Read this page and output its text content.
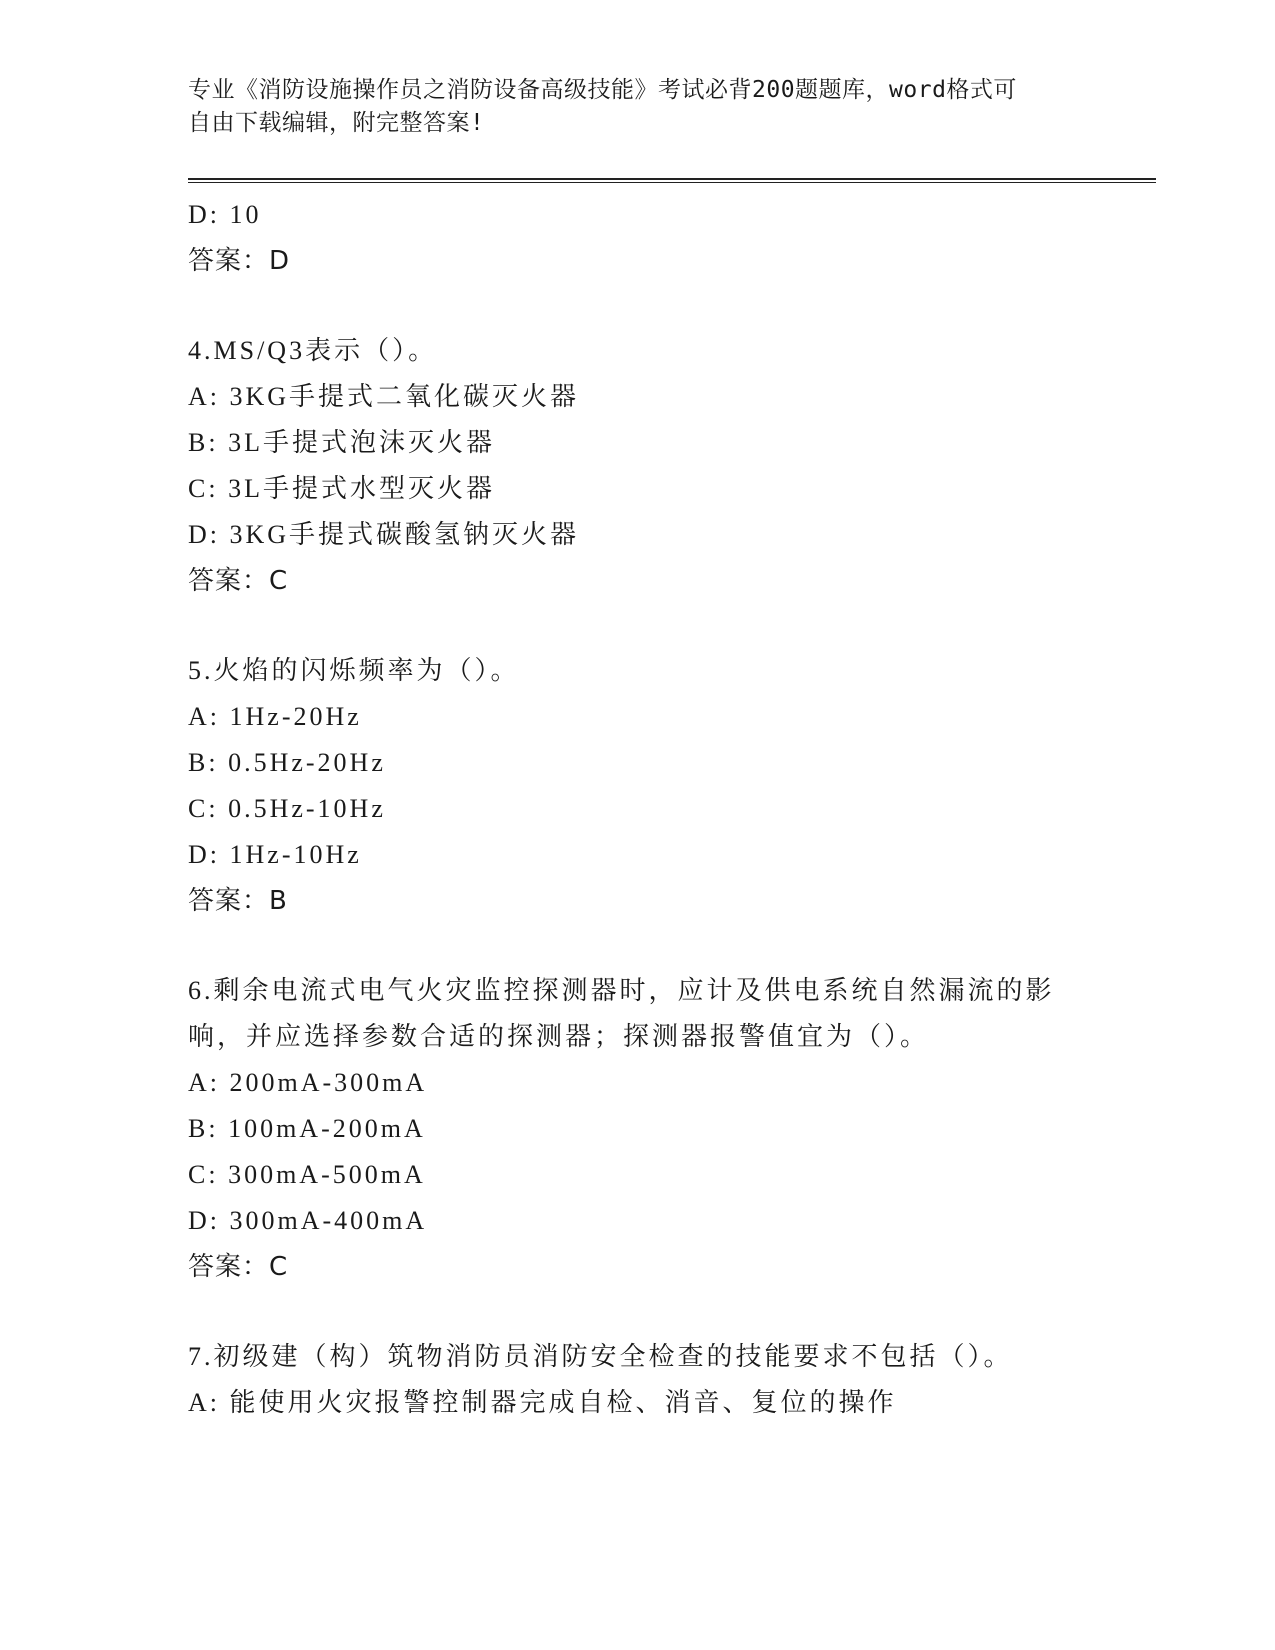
专业《消防设施操作员之消防设备高级技能》考试必背200题题库，word格式可
自由下载编辑，附完整答案!
D: 10
答案：D
4.MS/Q3表示（）。
A: 3KG手提式二氧化碳灭火器
B: 3L手提式泡沫灭火器
C: 3L手提式水型灭火器
D: 3KG手提式碳酸氢钠灭火器
答案：C
5.火焰的闪烁频率为（）。
A: 1Hz-20Hz
B: 0.5Hz-20Hz
C: 0.5Hz-10Hz
D: 1Hz-10Hz
答案：B
6.剩余电流式电气火灾监控探测器时，应计及供电系统自然漏流的影
响，并应选择参数合适的探测器；探测器报警值宜为（）。
A: 200mA-300mA
B: 100mA-200mA
C: 300mA-500mA
D: 300mA-400mA
答案：C
7.初级建（构）筑物消防员消防安全检查的技能要求不包括（）。
A: 能使用火灾报警控制器完成自检、消音、复位的操作
